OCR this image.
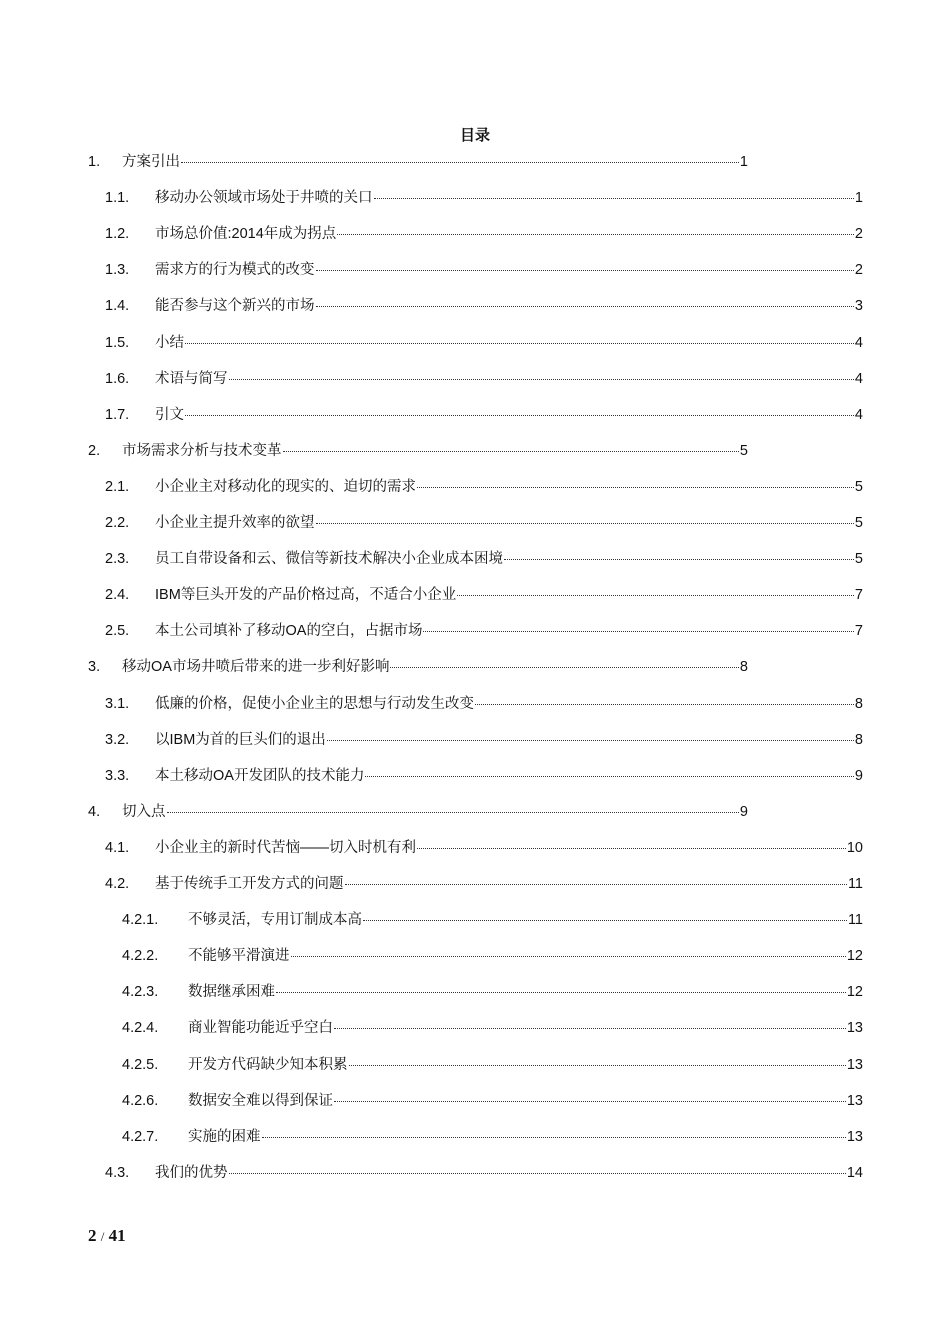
目录
1.	方案引出	1
1.1.	移动办公领域市场处于井喷的关口	1
1.2.	市场总价值:2014年成为拐点	2
1.3.	需求方的行为模式的改变	2
1.4.	能否参与这个新兴的市场	3
1.5.	小结	4
1.6.	术语与简写	4
1.7.	引文	4
2.	市场需求分析与技术变革	5
2.1.	小企业主对移动化的现实的、迫切的需求	5
2.2.	小企业主提升效率的欲望	5
2.3.	员工自带设备和云、微信等新技术解决小企业成本困境	5
2.4.	IBM等巨头开发的产品价格过高，不适合小企业	7
2.5.	本土公司填补了移动OA的空白，占据市场	7
3.	移动OA市场井喷后带来的进一步利好影响	8
3.1.	低廉的价格，促使小企业主的思想与行动发生改变	8
3.2.	以IBM为首的巨头们的退出	8
3.3.	本土移动OA开发团队的技术能力	9
4.	切入点	9
4.1.	小企业主的新时代苦恼——切入时机有利	10
4.2.	基于传统手工开发方式的问题	11
4.2.1.	不够灵活，专用订制成本高	11
4.2.2.	不能够平滑演进	12
4.2.3.	数据继承困难	12
4.2.4.	商业智能功能近乎空白	13
4.2.5.	开发方代码缺少知本积累	13
4.2.6.	数据安全难以得到保证	13
4.2.7.	实施的困难	13
4.3.	我们的优势	14
2 / 41
